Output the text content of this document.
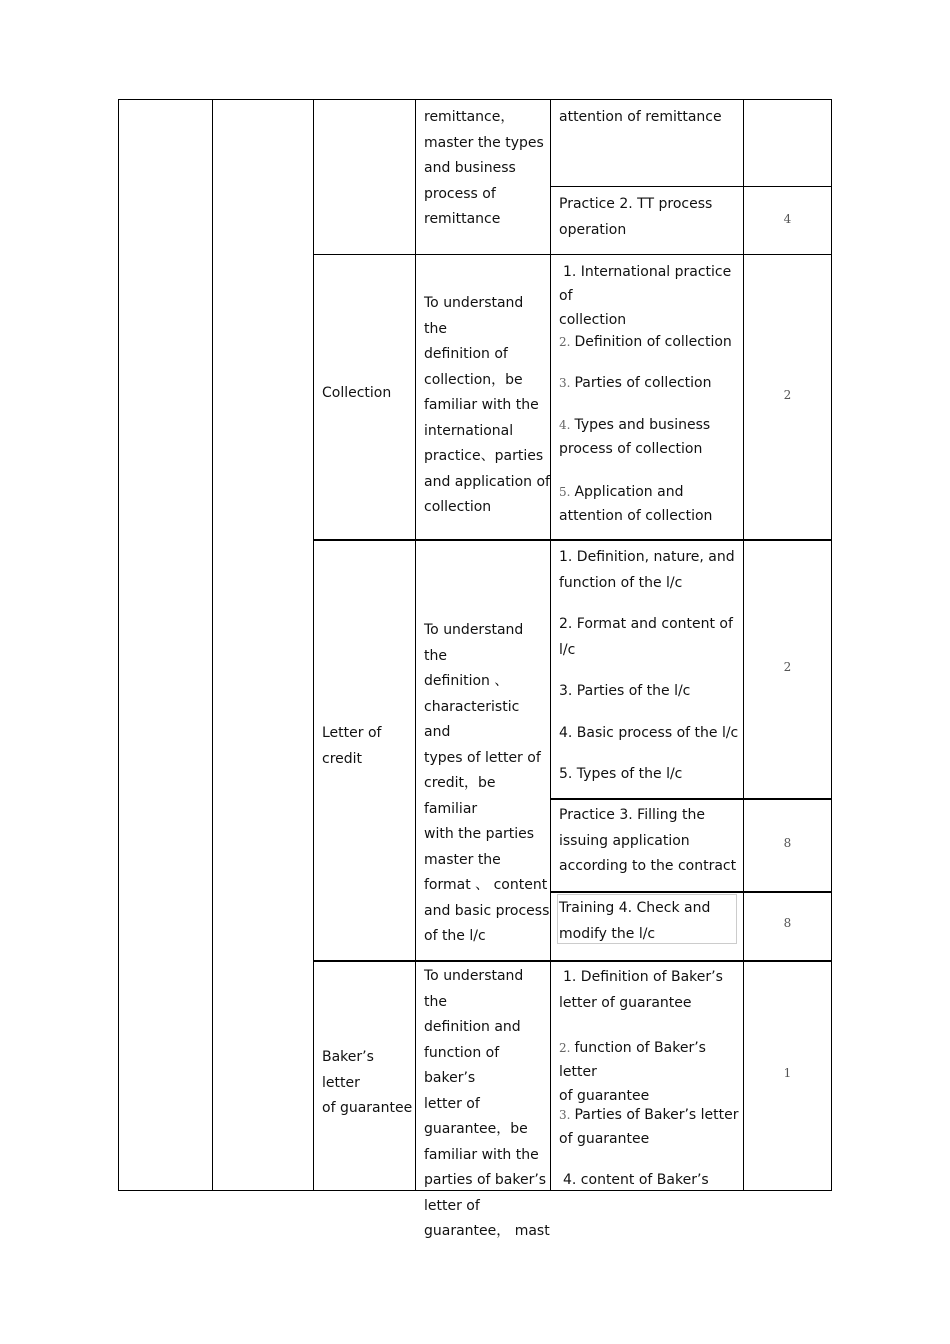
remittance，
master the types
and business
process of
remittance
attention of remittance
Practice 2. TT process
operation
4
Collection
To understand the
definition of
collection，be
familiar with the
international
practice、parties
and application of
collection
1. International practice of
collection
2. Definition of collection
3. Parties of collection
4. Types and business
process of collection
5. Application and
attention of collection
2
Letter of
credit
To understand the
definition 、
characteristic and
types of letter of
credit，be familiar
with the parties
master the
format 、 content
and basic process
of the l/c
1. Definition, nature, and
function of the l/c
2. Format and content of
l/c
3. Parties of the l/c
4. Basic process of the l/c
5. Types of the l/c
2
Practice 3. Filling the
issuing application
according to the contract
8
Training 4. Check and
modify the l/c
8
Baker’s letter
of guarantee
To understand the
definition and
function of baker’s
letter of
guarantee，be
familiar with the
parties of baker’s
letter of
guarantee， mast
1. Definition of Baker’s
letter of guarantee
2. function of Baker’s letter
of guarantee
3. Parties of Baker’s letter
of guarantee
4. content of Baker’s
1
